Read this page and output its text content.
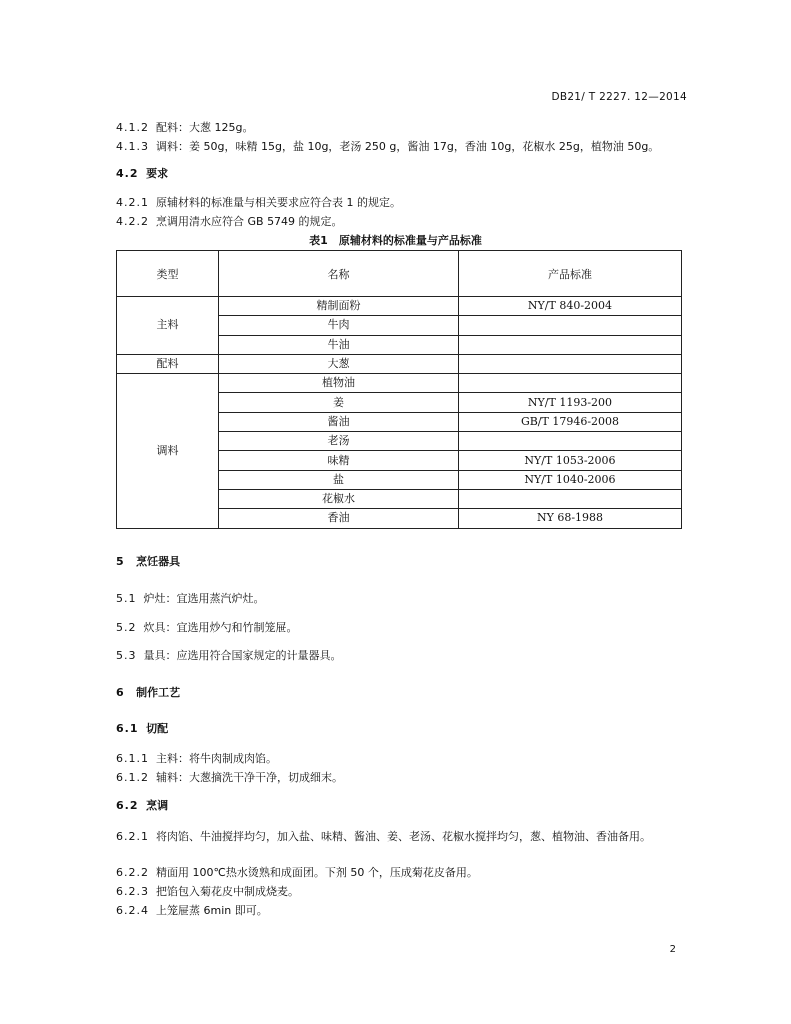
DB21/ T 2227. 12—2014
4.1.2 配料：大葱 125g。
4.1.3 调料：姜 50g，味精 15g，盐 10g，老汤 250 g，酱油 17g，香油 10g，花椒水 25g，植物油 50g。
4.2 要求
4.2.1 原辅材料的标准量与相关要求应符合表 1 的规定。
4.2.2 烹调用清水应符合 GB 5749 的规定。
表1　原辅材料的标准量与产品标准
类型	名称	产品标准
主料	精制面粉	NY/T 840-2004
	牛肉	
	牛油	
配料	大葱	
调料	植物油	
	姜	NY/T 1193-200
	酱油	GB/T 17946-2008
	老汤	
	味精	NY/T 1053-2006
	盐	NY/T 1040-2006
	花椒水	
	香油	NY 68-1988
5 烹饪器具
5.1 炉灶：宜选用蒸汽炉灶。
5.2 炊具：宜选用炒勺和竹制笼屉。
5.3 量具：应选用符合国家规定的计量器具。
6 制作工艺
6.1 切配
6.1.1 主料：将牛肉制成肉馅。
6.1.2 辅料：大葱摘洗干净干净，切成细末。
6.2 烹调
6.2.1 将肉馅、牛油搅拌均匀，加入盐、味精、酱油、姜、老汤、花椒水搅拌均匀，葱、植物油、香油备用。
6.2.2 精面用 100℃热水烫熟和成面团。下剂 50 个，压成菊花皮备用。
6.2.3 把馅包入菊花皮中制成烧麦。
6.2.4 上笼屉蒸 6min 即可。
2
